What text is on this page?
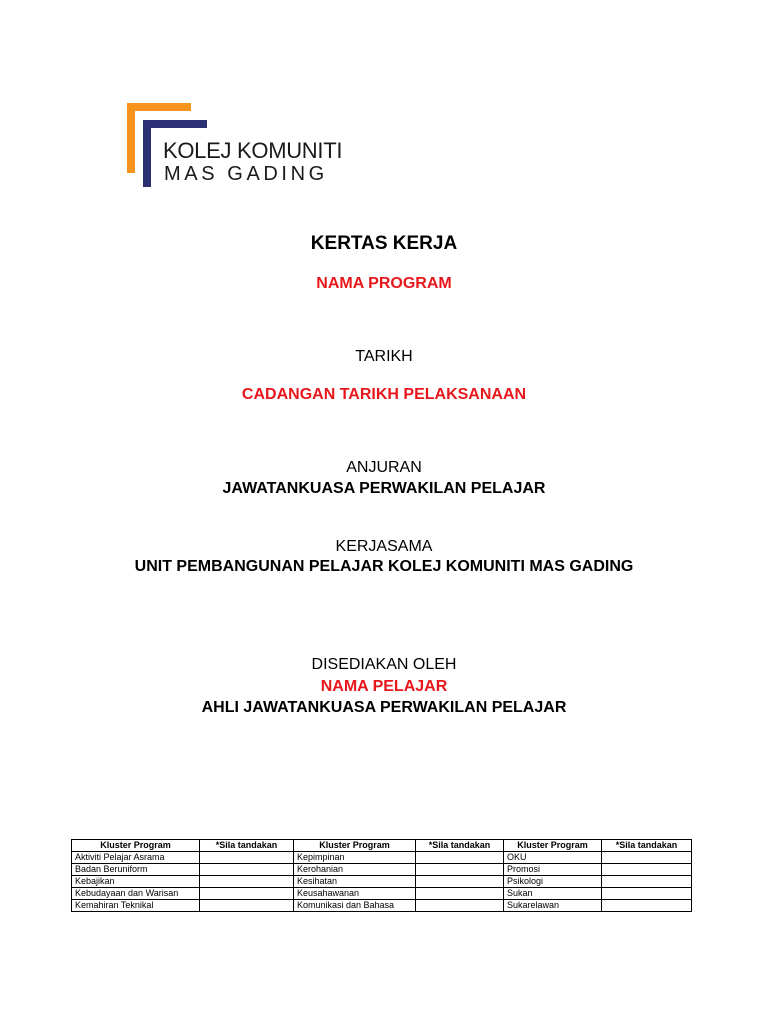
KOLEJ KOMUNITI
MAS GADING
KERTAS KERJA
NAMA PROGRAM
TARIKH
CADANGAN TARIKH PELAKSANAAN
ANJURAN
JAWATANKUASA PERWAKILAN PELAJAR
KERJASAMA
UNIT PEMBANGUNAN PELAJAR KOLEJ KOMUNITI MAS GADING
DISEDIAKAN OLEH
NAMA PELAJAR
AHLI JAWATANKUASA PERWAKILAN PELAJAR
Kluster Program	*Sila tandakan	Kluster Program	*Sila tandakan	Kluster Program	*Sila tandakan
Aktiviti Pelajar Asrama		Kepimpinan		OKU	
Badan Beruniform		Kerohanian		Promosi	
Kebajikan		Kesihatan		Psikologi	
Kebudayaan dan Warisan		Keusahawanan		Sukan	
Kemahiran Teknikal		Komunikasi dan Bahasa		Sukarelawan	
